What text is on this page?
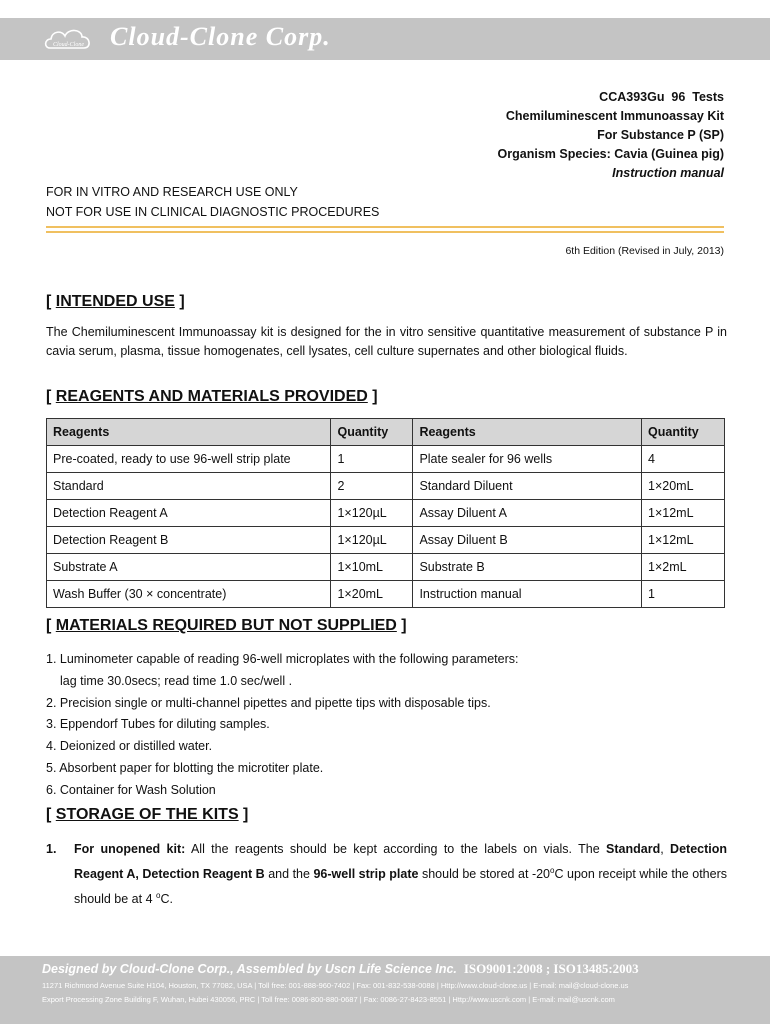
Cloud-Clone Cloud-Clone Corp.
CCA393Gu  96  Tests
Chemiluminescent Immunoassay Kit
For Substance P (SP)
Organism Species: Cavia (Guinea pig)
Instruction manual
FOR IN VITRO AND RESEARCH USE ONLY
NOT FOR USE IN CLINICAL DIAGNOSTIC PROCEDURES
6th Edition (Revised in July, 2013)
[ INTENDED USE ]
The Chemiluminescent Immunoassay kit is designed for the in vitro sensitive quantitative measurement of substance P in cavia serum, plasma, tissue homogenates, cell lysates, cell culture supernates and other biological fluids.
[ REAGENTS AND MATERIALS PROVIDED ]
Reagents	Quantity	Reagents	Quantity
Pre-coated, ready to use 96-well strip plate	1	Plate sealer for 96 wells	4
Standard	2	Standard Diluent	1×20mL
Detection Reagent A	1×120µL	Assay Diluent A	1×12mL
Detection Reagent B	1×120µL	Assay Diluent B	1×12mL
Substrate A	1×10mL	Substrate B	1×2mL
Wash Buffer (30 × concentrate)	1×20mL	Instruction manual	1
[ MATERIALS REQUIRED BUT NOT SUPPLIED ]
1. Luminometer capable of reading 96-well microplates with the following parameters:
lag time 30.0secs; read time 1.0 sec/well .
2. Precision single or multi-channel pipettes and pipette tips with disposable tips.
3. Eppendorf Tubes for diluting samples.
4. Deionized or distilled water.
5. Absorbent paper for blotting the microtiter plate.
6. Container for Wash Solution
[ STORAGE OF THE KITS ]
1. For unopened kit: All the reagents should be kept according to the labels on vials. The Standard, Detection Reagent A, Detection Reagent B and the 96-well strip plate should be stored at -20$^o$C upon receipt while the others should be at 4 $^o$C.
Designed by Cloud-Clone Corp., Assembled by Uscn Life Science Inc. ISO9001:2008 ; ISO13485:2003
11271 Richmond Avenue Suite H104, Houston, TX 77082, USA | Toll free: 001-888-960-7402 | Fax: 001-832-538-0088 | Http://www.cloud-clone.us | E-mail: mail@cloud-clone.us
Export Processing Zone Building F, Wuhan, Hubei 430056, PRC | Toll free: 0086-800-880-0687 | Fax: 0086-27-8423-8551 | Http://www.uscnk.com | E-mail: mail@uscnk.com
